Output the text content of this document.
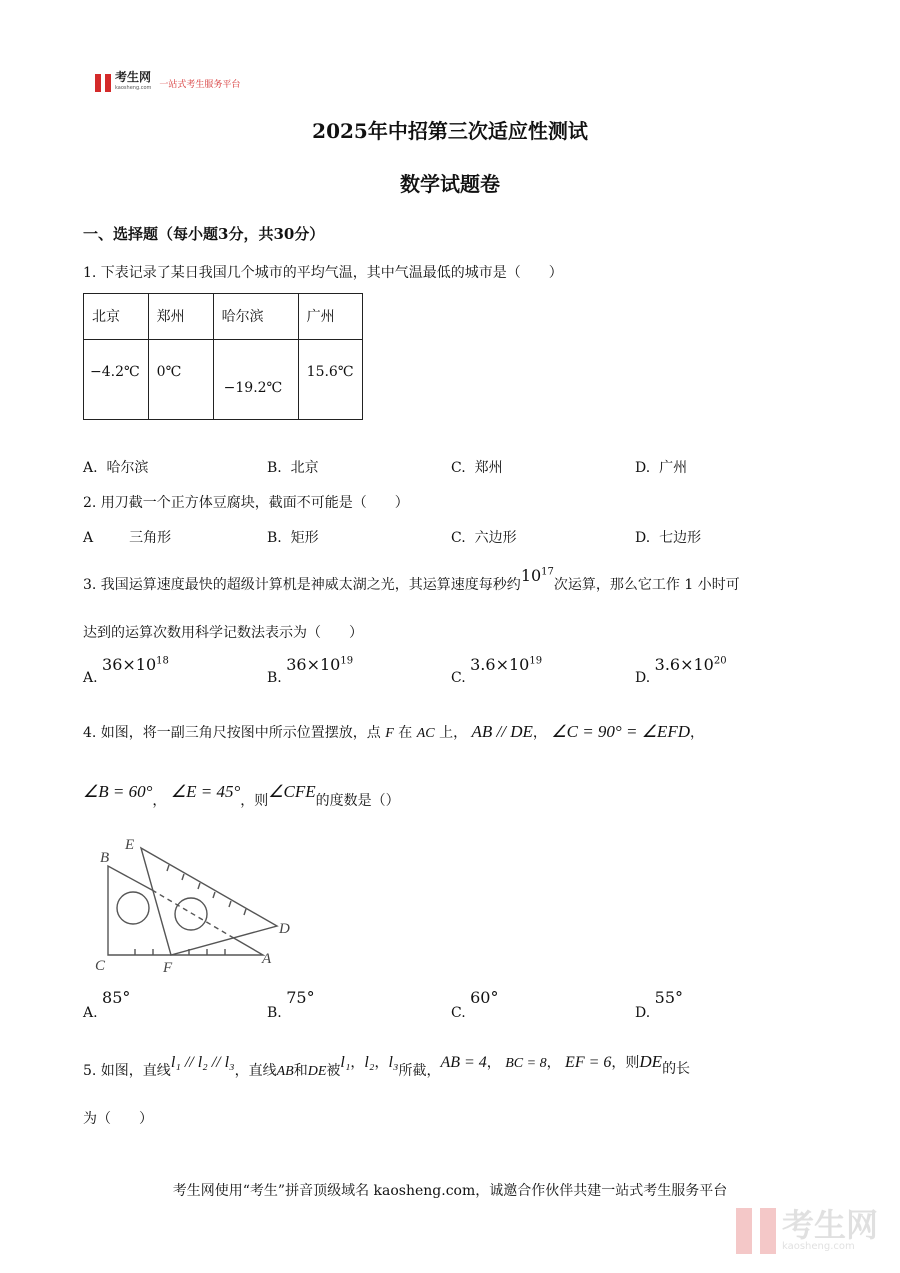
考生网
kaosheng.com 一站式考生服务平台
2025年中招第三次适应性测试
数学试题卷
一、选择题（每小题3分，共30分）
1. 下表记录了某日我国几个城市的平均气温，其中气温最低的城市是（　　）
北京	郑州	哈尔滨	广州
−4.2℃	0℃	−19.2℃	15.6℃
A. 哈尔滨	B. 北京	C. 郑州	D. 广州
2. 用刀截一个正方体豆腐块，截面不可能是（　　）
A	三角形	B. 矩形	C. 六边形	D. 七边形
3. 我国运算速度最快的超级计算机是神威太湖之光，其运算速度每秒约$10^{17}$次运算，那么它工作 1 小时可
达到的运算次数用科学记数法表示为（　　）
A. $36\times 10^{18}$
B. $36\times 10^{19}$
C. $3.6\times 10^{19}$
D. $3.6\times 10^{20}$
4. 如图，将一副三角尺按图中所示位置摆放，点 F 在 AC 上， AB // DE， ∠C = 90° = ∠EFD，
∠B = 60°， ∠E = 45°，则∠CFE的度数是（）
B
E
D
C	F
A
A. 85°
B. 75°
C. 60°
D. 55°
5. 如图，直线l₁ // l₂ // l₃，直线AB和DE被l₁，l₂，l₃所截，AB = 4， BC = 8， EF = 6，则DE的长
为（　　）
考生网使用“考生”拼音顶级域名 kaosheng.com，诚邀合作伙伴共建一站式考生服务平台
考生网
kaosheng.com
